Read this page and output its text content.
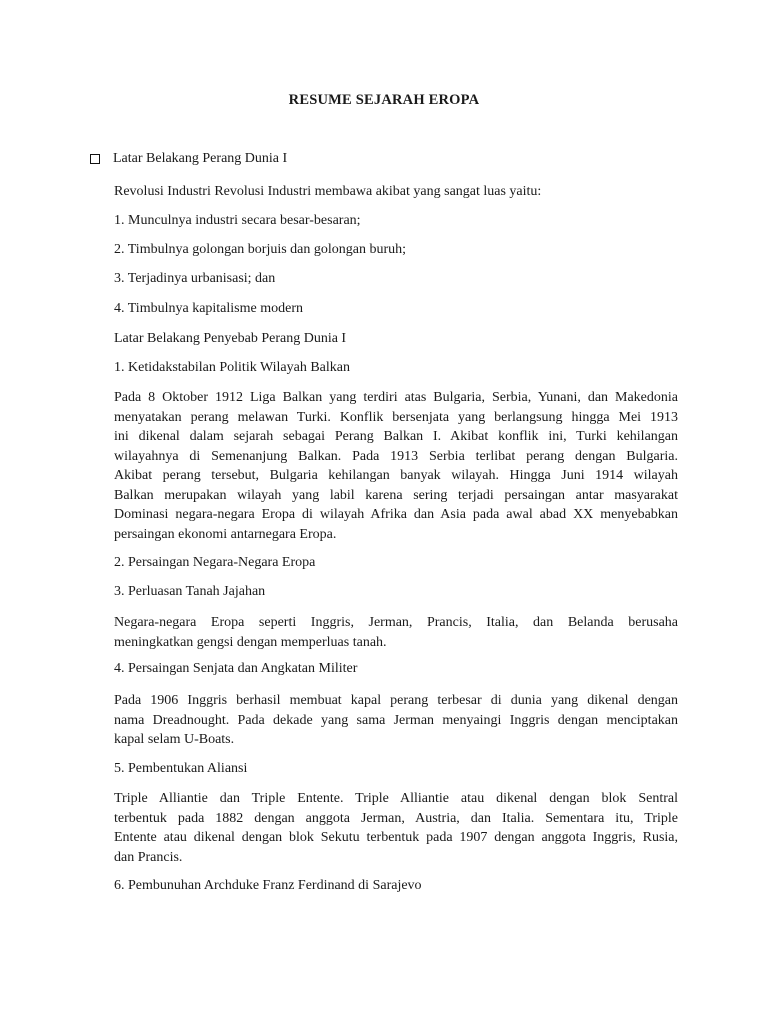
RESUME SEJARAH EROPA
Latar Belakang Perang Dunia I
Revolusi Industri Revolusi Industri membawa akibat yang sangat luas yaitu:
1. Munculnya industri secara besar-besaran;
2. Timbulnya golongan borjuis dan golongan buruh;
3. Terjadinya urbanisasi; dan
4. Timbulnya kapitalisme modern
Latar Belakang Penyebab Perang Dunia I
1. Ketidakstabilan Politik Wilayah Balkan
Pada 8 Oktober 1912 Liga Balkan yang terdiri atas Bulgaria, Serbia, Yunani, dan Makedonia
menyatakan perang melawan Turki. Konflik bersenjata yang berlangsung hingga Mei 1913
ini dikenal dalam sejarah sebagai Perang Balkan I. Akibat konflik ini, Turki kehilangan
wilayahnya di Semenanjung Balkan. Pada 1913 Serbia terlibat perang dengan Bulgaria.
Akibat perang tersebut, Bulgaria kehilangan banyak wilayah. Hingga Juni 1914 wilayah
Balkan merupakan wilayah yang labil karena sering terjadi persaingan antar masyarakat
Dominasi negara-negara Eropa di wilayah Afrika dan Asia pada awal abad XX menyebabkan
persaingan ekonomi antarnegara Eropa.
2. Persaingan Negara-Negara Eropa
3. Perluasan Tanah Jajahan
Negara-negara Eropa seperti Inggris, Jerman, Prancis, Italia, dan Belanda berusaha
meningkatkan gengsi dengan memperluas tanah.
4. Persaingan Senjata dan Angkatan Militer
Pada 1906 Inggris berhasil membuat kapal perang terbesar di dunia yang dikenal dengan
nama Dreadnought. Pada dekade yang sama Jerman menyaingi Inggris dengan menciptakan
kapal selam U-Boats.
5. Pembentukan Aliansi
Triple Alliantie dan Triple Entente. Triple Alliantie atau dikenal dengan blok Sentral
terbentuk pada 1882 dengan anggota Jerman, Austria, dan Italia. Sementara itu, Triple
Entente atau dikenal dengan blok Sekutu terbentuk pada 1907 dengan anggota Inggris, Rusia,
dan Prancis.
6. Pembunuhan Archduke Franz Ferdinand di Sarajevo
